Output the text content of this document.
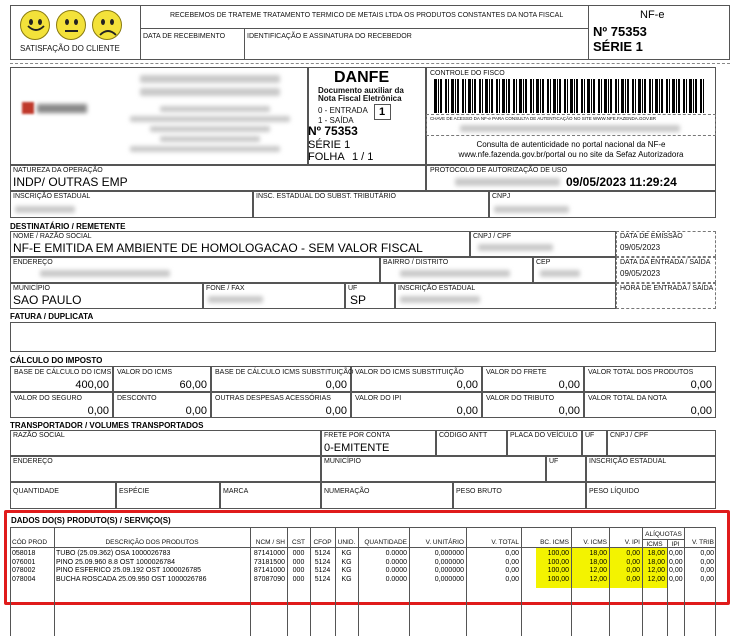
SATISFAÇÃO DO CLIENTE
RECEBEMOS DE TRATEME TRATAMENTO TERMICO DE METAIS LTDA OS PRODUTOS CONSTANTES DA NOTA FISCAL
DATA DE RECEBIMENTO	IDENTIFICAÇÃO E ASSINATURA DO RECEBEDOR
NF-e
Nº 75353
SÉRIE 1
DANFE
Documento auxiliar da
Nota Fiscal Eletrônica
0 - ENTRADA
1 - SAÍDA
1
Nº 75353
SÉRIE 1
FOLHA 1 / 1
CONTROLE DO FISCO
CHAVE DE ACESSO DA NF-e PARA CONSULTA DE AUTENTICAÇÃO NO SITE WWW.NFE.FAZENDA.GOV.BR
Consulta de autenticidade no portal nacional da NF-e
www.nfe.fazenda.gov.br/portal ou no site da Sefaz Autorizadora
NATUREZA DA OPERAÇÃO
INDP/ OUTRAS EMP
PROTOCOLO DE AUTORIZAÇÃO DE USO
09/05/2023 11:29:24
INSCRIÇÃO ESTADUAL	INSC. ESTADUAL DO SUBST. TRIBUTÁRIO	CNPJ
DESTINATÁRIO / REMETENTE
NOME / RAZÃO SOCIAL
NF-E EMITIDA EM AMBIENTE DE HOMOLOGACAO - SEM VALOR FISCAL
CNPJ / CPF	DATA DE EMISSÃO
09/05/2023
ENDEREÇO	BAIRRO / DISTRITO	CEP	DATA DA ENTRADA / SAÍDA
09/05/2023
MUNICÍPIO
SAO PAULO
FONE / FAX	UF
SP
INSCRIÇÃO ESTADUAL	HORA DE ENTRADA / SAÍDA
FATURA / DUPLICATA
CÁLCULO DO IMPOSTO
BASE DE CÁLCULO DO ICMS
400,00
VALOR DO ICMS
60,00
BASE DE CÁLCULO ICMS SUBSTITUIÇÃO
0,00
VALOR DO ICMS SUBSTITUIÇÃO
0,00
VALOR DO FRETE
0,00
VALOR TOTAL DOS PRODUTOS
0,00
VALOR DO SEGURO
0,00
DESCONTO
0,00
OUTRAS DESPESAS ACESSÓRIAS
0,00
VALOR DO IPI
0,00
VALOR DO TRIBUTO
0,00
VALOR TOTAL DA NOTA
0,00
TRANSPORTADOR / VOLUMES TRANSPORTADOS
RAZÃO SOCIAL	FRETE POR CONTA
0-EMITENTE
CÓDIGO ANTT	PLACA DO VEÍCULO UF CNPJ / CPF
ENDEREÇO	MUNICÍPIO	UF	INSCRIÇÃO ESTADUAL
QUANTIDADE	ESPÉCIE	MARCA	NUMERAÇÃO	PESO BRUTO	PESO LÍQUIDO
DADOS DO(S) PRODUTO(S) / SERVIÇO(S)
ALÍQUOTAS
CÓD PROD	DESCRIÇÃO DOS PRODUTOS	NCM / SH	CST	CFOP UNID.	QUANTIDADE	V. UNITÁRIO	V. TOTAL	BC. ICMS	V. ICMS	V. IPI ICMS	IPI	V. TRIB
058018	TUBO (25.09.362) OSA 1000026783	87141000	000	5124	KG	0.0000	0,000000	0,00	100,00	18,00	0,00	18,00 0,00	0,00
076001	PINO 25.09.960 8.8 OST 1000026784	73181500	000	5124	KG	0.0000	0,000000	0,00	100,00	18,00	0,00	18,00 0,00	0,00
078002	PINO ESFERICO 25.09.192 OST 1000026785	87141000	000	5124	KG	0.0000	0,000000	0,00	100,00	12,00	0,00	12,00 0,00	0,00
078004	BUCHA ROSCADA 25.09.950 OST 1000026786	87087090	000	5124	KG	0.0000	0,000000	0,00	100,00	12,00	0,00	12,00 0,00	0,00
